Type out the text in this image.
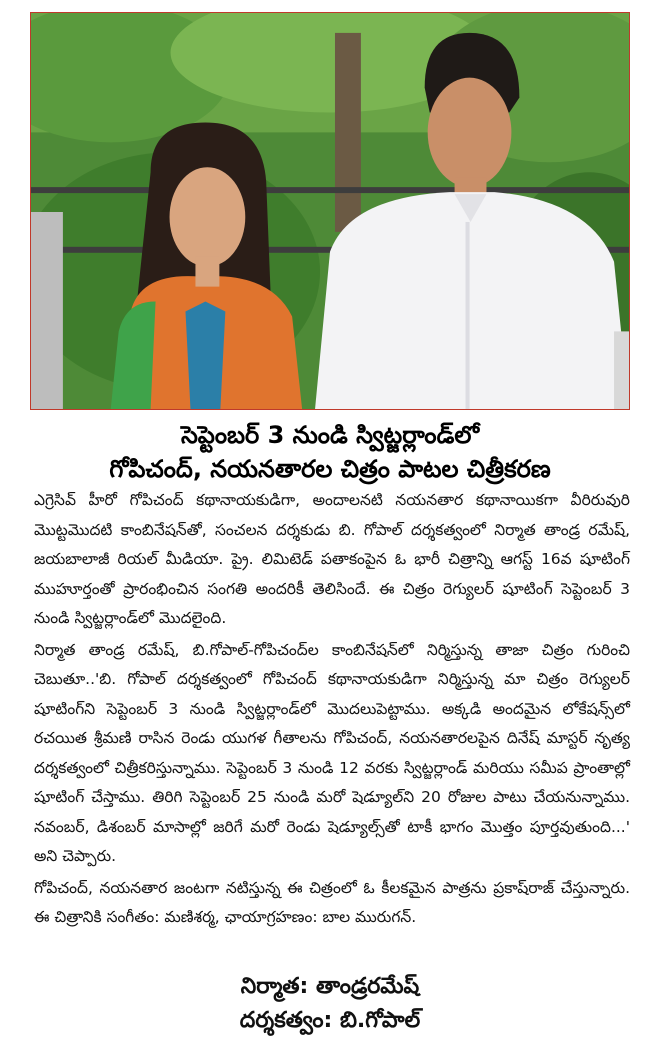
సెప్టెంబర్ 3 నుండి స్విట్జర్లాండ్‌లో
గోపిచంద్, నయనతారల చిత్రం పాటల చిత్రీకరణ

ఎగ్రెసివ్ హీరో గోపిచంద్ కథానాయకుడిగా, అందాలనటి నయనతార కథానాయికగా వీరిరువురి మొట్టమొదటి కాంబినేషన్‌తో, సంచలన దర్శకుడు బి. గోపాల్ దర్శకత్వంలో నిర్మాత తాండ్ర రమేష్, జయబాలాజీ రియల్ మీడియా. ప్రై. లిమిటెడ్ పతాకంపైన ఓ భారీ చిత్రాన్ని ఆగస్ట్ 16వ షూటింగ్ ముహూర్తంతో ప్రారంభించిన సంగతి అందరికీ తెలిసిందే. ఈ చిత్రం రెగ్యులర్ షూటింగ్ సెప్టెంబర్ 3 నుండి స్విట్జర్లాండ్‌లో మొదలైంది.

నిర్మాత తాండ్ర రమేష్, బి.గోపాల్-గోపిచంద్‌ల కాంబినేషన్‌లో నిర్మిస్తున్న తాజా చిత్రం గురించి చెబుతూ..'బి. గోపాల్ దర్శకత్వంలో గోపిచంద్ కథానాయకుడిగా నిర్మిస్తున్న మా చిత్రం రెగ్యులర్ షూటింగ్‌ని సెప్టెంబర్ 3 నుండి స్విట్జర్లాండ్‌లో మొదలుపెట్టాము. అక్కడి అందమైన లోకేషన్స్‌లో రచయిత శ్రీమణి రాసిన రెండు యుగళ గీతాలను గోపిచంద్, నయనతారలపైన దినేష్ మాస్టర్ నృత్య దర్శకత్వంలో చిత్రీకరిస్తున్నాము. సెప్టెంబర్ 3 నుండి 12 వరకు స్విట్జర్లాండ్ మరియు సమీప ప్రాంతాల్లో షూటింగ్ చేస్తాము. తిరిగి సెప్టెంబర్ 25 నుండి మరో షెడ్యూల్‌ని 20 రోజుల పాటు చేయనున్నాము. నవంబర్, డిశంబర్ మాసాల్లో జరిగే మరో రెండు షెడ్యూల్స్‌తో టాకీ భాగం మొత్తం పూర్తవుతుంది...' అని చెప్పారు.

గోపిచంద్, నయనతార జంటగా నటిస్తున్న ఈ చిత్రంలో ఓ కీలకమైన పాత్రను ప్రకాష్‌రాజ్ చేస్తున్నారు. ఈ చిత్రానికి సంగీతం: మణిశర్మ, ఛాయాగ్రహణం: బాల మురుగన్.

నిర్మాత: తాండ్రరమేష్
దర్శకత్వం: బి.గోపాల్
